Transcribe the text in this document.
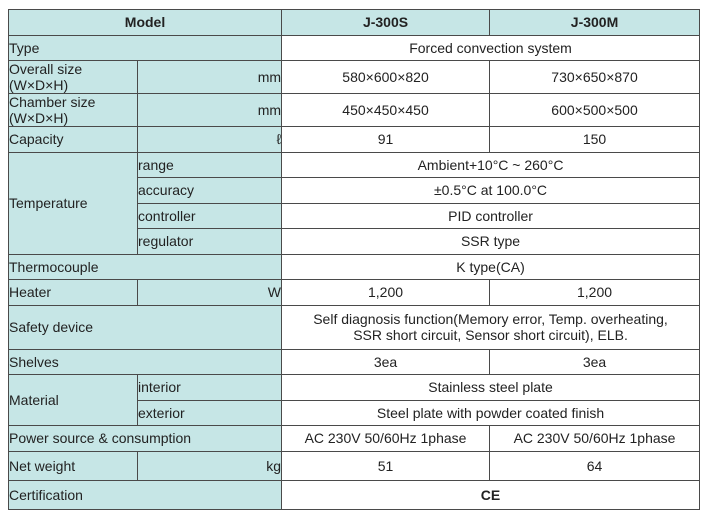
Model		J-300S	J-300M
Type		Forced convection system	
Overall size (W×D×H)	mm	580×600×820	730×650×870
Chamber size (W×D×H)	mm	450×450×450	600×500×500
Capacity	ℓ	91	150
Temperature	range	Ambient+10°C ~ 260°C	
	accuracy	±0.5°C at 100.0°C	
	controller	PID controller	
	regulator	SSR type	
Thermocouple		K type(CA)	
Heater	W	1,200	1,200
Safety device		Self diagnosis function(Memory error, Temp. overheating,
SSR short circuit, Sensor short circuit), ELB.	

Shelves		3ea	3ea
Material	interior	Stainless steel plate	
	exterior	Steel plate with powder coated finish	
Power source & consumption		AC 230V 50/60Hz 1phase	AC 230V 50/60Hz 1phase
Net weight	kg	51	64
Certification		CE	
